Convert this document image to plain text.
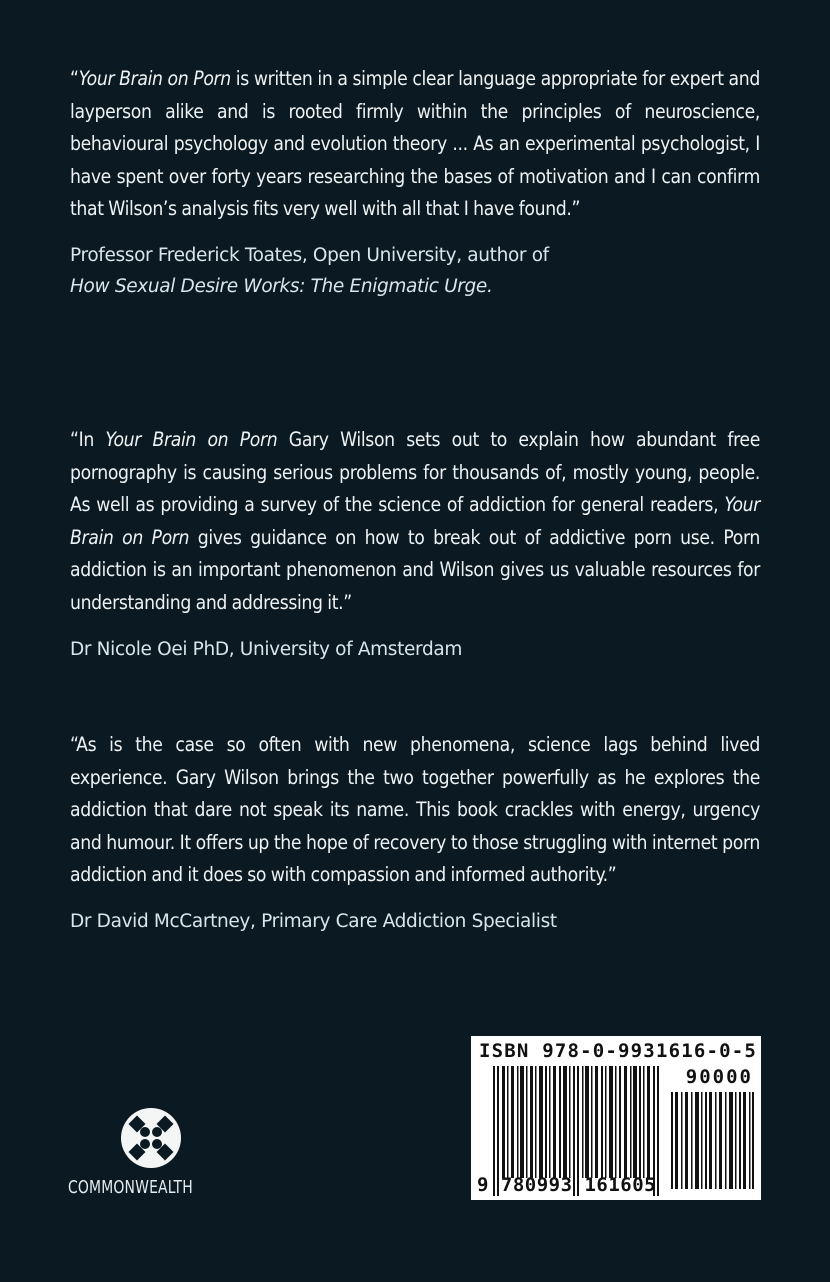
“Your Brain on Porn is written in a simple clear language appropriate for expert and layperson alike and is rooted firmly within the principles of neuroscience, behavioural psychology and evolution theory ... As an experimental psychologist, I have spent over forty years researching the bases of motivation and I can confirm that Wilson’s analysis fits very well with all that I have found.”

Professor Frederick Toates, Open University, author of
How Sexual Desire Works: The Enigmatic Urge.

“In Your Brain on Porn Gary Wilson sets out to explain how abundant free pornography is causing serious problems for thousands of, mostly young, people. As well as providing a survey of the science of addiction for general readers, Your Brain on Porn gives guidance on how to break out of addictive porn use. Porn addiction is an important phenomenon and Wilson gives us valuable resources for understanding and addressing it.”

Dr Nicole Oei PhD, University of Amsterdam

“As is the case so often with new phenomena, science lags behind lived experience. Gary Wilson brings the two together powerfully as he explores the addiction that dare not speak its name. This book crackles with energy, urgency and humour. It offers up the hope of recovery to those struggling with internet porn addiction and it does so with compassion and informed authority.”

Dr David McCartney, Primary Care Addiction Specialist

COMMONWEALTH
ISBN 978-0-9931616-0-5
90000
9 780993 161605
